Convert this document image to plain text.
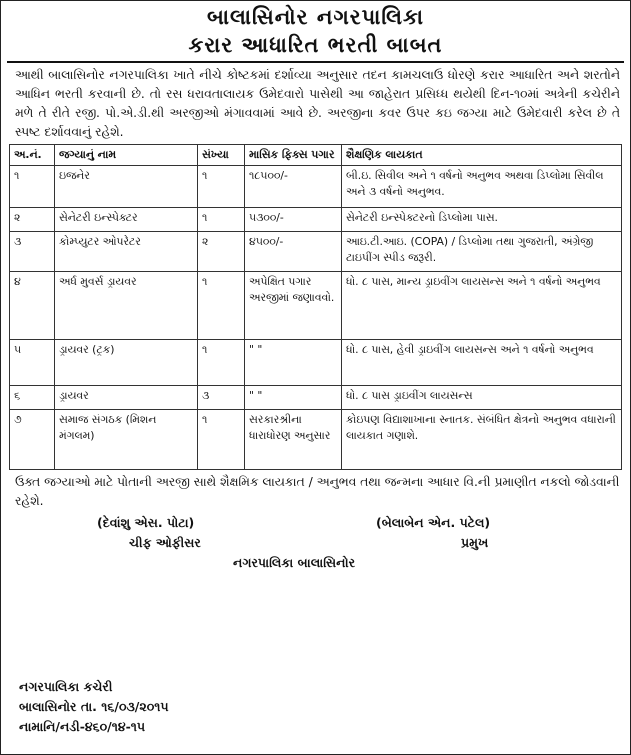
બાલાસિનોર નગરપાલિકા
કરાર આધારિત ભરતી બાબત
આથી બાલાસિનોર નગરપાલિકા ખાતે નીચે કોષ્ટકમાં દર્શાવ્યા અનુસાર તદન કામચલાઉ ધોરણે કરાર આધારિત અને શરતોને આધિન ભરતી કરવાની છે. તો રસ ધરાવતાલાયક ઉમેદવારો પાસેથી આ જાહેરાત પ્રસિધ્ધ થયેથી દિન-૧૦માં અત્રેની કચેરીને મળે તે રીતે રજી. પો.એ.ડી.થી અરજીઓ મંગાવવામાં આવે છે. અરજીના કવર ઉપર કઇ જગ્યા માટે ઉમેદવારી કરેલ છે તે સ્પષ્ટ દર્શાવવાનું રહેશે.
અ.નં.	જગ્યાનું નામ	સંખ્યા	માસિક ફિક્સ પગાર	શૈક્ષણિક લાયકાત
૧	ઇજનેર	૧	૧૮૫૦૦/-	બી.ઇ. સિવીલ અને ૧ વર્ષનો અનુભવ અથવા ડિપ્લોમા સિવીલ અને ૩ વર્ષનો અનુભવ.
૨	સેનેટરી ઇન્સ્પેક્ટર	૧	૫૩૦૦/-	સેનેટરી ઇન્સ્પેક્ટરનો ડિપ્લોમા પાસ.
૩	કોમ્પ્યુટર ઓપરેટર	૨	૪૫૦૦/-	આઇ.ટી.આઇ. (COPA) / ડિપ્લોમા તથા ગુજરાતી, અંગ્રેજી ટાઇપીંગ સ્પીડ જરૂરી.
૪	અર્ધ મુવર્સ ડ્રાયવર	૧	અપેક્ષિત પગાર અરજીમાં જણાવવો.	ધો. ૮ પાસ, માન્ય ડ્રાઇવીંગ લાયસન્સ અને ૧ વર્ષનો અનુભવ
૫	ડ્રાયવર (ટ્રક)	૧	" "	ધો. ૮ પાસ, હેવી ડ્રાઇવીંગ લાયસન્સ અને ૧ વર્ષનો અનુભવ
૬	ડ્રાયવર	૩	" "	ધો. ૮ પાસ ડ્રાઇવીંગ લાયસન્સ
૭	સમાજ સંગઠક (મિશન મંગલમ)	૧	સરકારશ્રીના ધારાધોરણ અનુસાર	કોઇપણ વિદ્યાશાખાના સ્નાતક. સંબંધિત ક્ષેત્રનો અનુભવ વધારાની લાયકાત ગણાશે.
ઉક્ત જગ્યાઓ માટે પોતાની અરજી સાથે શૈક્ષમિક લાયકાત / અનુભવ તથા જન્મના આધાર વિ.ની પ્રમાણીત નકલો જોડવાની રહેશે.
(દેવાંશુ એસ. પોટા)
ચીફ ઓફીસર
(બેલાબેન એન. પટેલ)
પ્રમુખ
નગરપાલિકા બાલાસિનોર
નગરપાલિકા કચેરી
બાલાસિનોર તા. ૧૬/૦૩/૨૦૧૫
નામાનિ/નડી-૪૬૦/૧૪-૧૫
